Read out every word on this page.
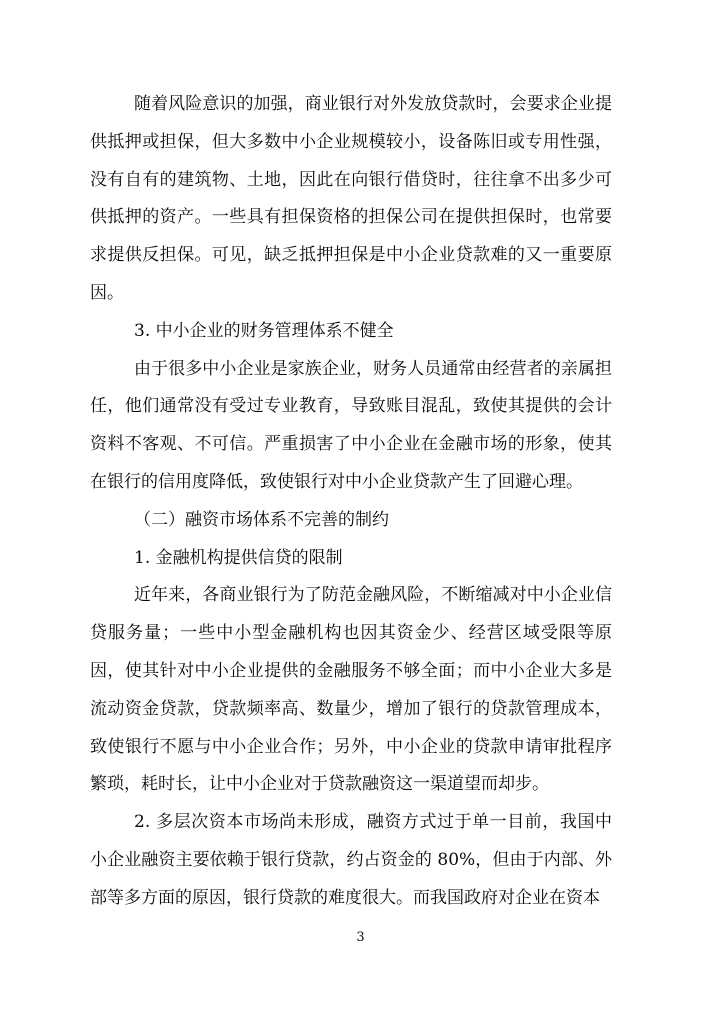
随着风险意识的加强，商业银行对外发放贷款时，会要求企业提供抵押或担保，但大多数中小企业规模较小，设备陈旧或专用性强，没有自有的建筑物、土地，因此在向银行借贷时，往往拿不出多少可供抵押的资产。一些具有担保资格的担保公司在提供担保时，也常要求提供反担保。可见，缺乏抵押担保是中小企业贷款难的又一重要原因。

3. 中小企业的财务管理体系不健全

由于很多中小企业是家族企业，财务人员通常由经营者的亲属担任，他们通常没有受过专业教育，导致账目混乱，致使其提供的会计资料不客观、不可信。严重损害了中小企业在金融市场的形象，使其在银行的信用度降低，致使银行对中小企业贷款产生了回避心理。

（二）融资市场体系不完善的制约

1. 金融机构提供信贷的限制

近年来，各商业银行为了防范金融风险，不断缩减对中小企业信贷服务量；一些中小型金融机构也因其资金少、经营区域受限等原因，使其针对中小企业提供的金融服务不够全面；而中小企业大多是流动资金贷款，贷款频率高、数量少，增加了银行的贷款管理成本，致使银行不愿与中小企业合作；另外，中小企业的贷款申请审批程序繁琐，耗时长，让中小企业对于贷款融资这一渠道望而却步。

2. 多层次资本市场尚未形成，融资方式过于单一目前，我国中小企业融资主要依赖于银行贷款，约占资金的 80%，但由于内部、外部等多方面的原因，银行贷款的难度很大。而我国政府对企业在资本

3
